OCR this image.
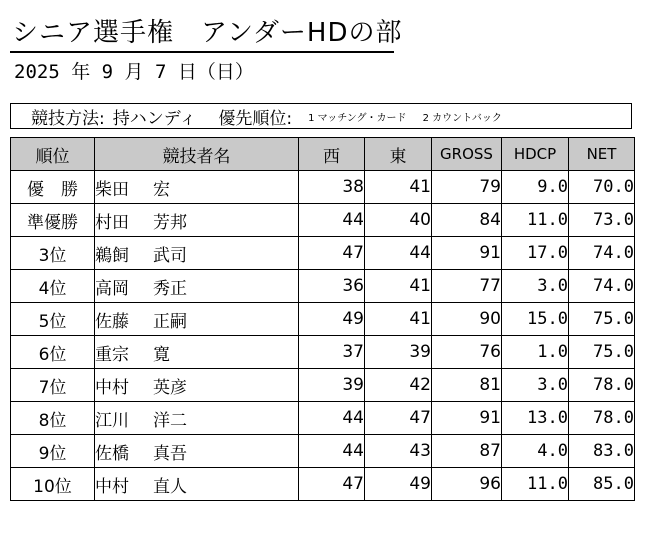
シニア選手権　アンダーHDの部
2025 年 9 月 7 日（日）
競技方法: 持ハンディ 優先順位: 1 マッチング・カード 2 カウントバック
順位	競技者名	西	東	GROSS	HDCP	NET
優　勝	柴田 宏	38	41	79	9.0	70.0
準優勝	村田 芳邦	44	40	84	11.0	73.0
3位	鵜飼 武司	47	44	91	17.0	74.0
4位	高岡 秀正	36	41	77	3.0	74.0
5位	佐藤 正嗣	49	41	90	15.0	75.0
6位	重宗 寛	37	39	76	1.0	75.0
7位	中村 英彦	39	42	81	3.0	78.0
8位	江川 洋二	44	47	91	13.0	78.0
9位	佐橋 真吾	44	43	87	4.0	83.0
10位	中村 直人	47	49	96	11.0	85.0
